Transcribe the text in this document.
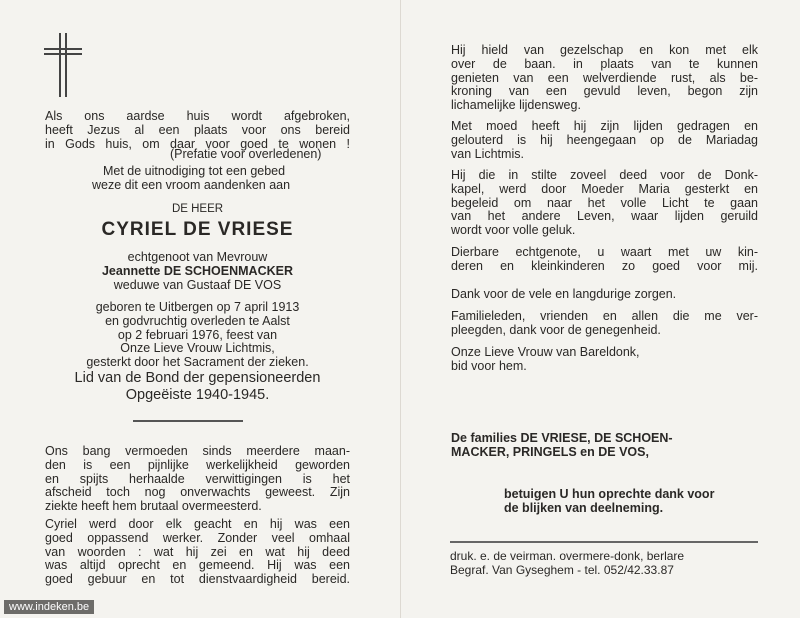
Als ons aardse huis wordt afgebroken,
heeft Jezus al een plaats voor ons bereid
in Gods huis, om daar voor goed te wonen !
(Prefatie voor overledenen)
Met de uitnodiging tot een gebed
weze dit een vroom aandenken aan
DE HEER
CYRIEL DE VRIESE
echtgenoot van Mevrouw
Jeannette DE SCHOENMACKER
weduwe van Gustaaf DE VOS
geboren te Uitbergen op 7 april 1913
en godvruchtig overleden te Aalst
op 2 februari 1976, feest van
Onze Lieve Vrouw Lichtmis,
gesterkt door het Sacrament der zieken.
Lid van de Bond der gepensioneerden
Opgeëiste 1940-1945.
Ons bang vermoeden sinds meerdere maan-
den is een pijnlijke werkelijkheid geworden
en spijts herhaalde verwittigingen is het
afscheid toch nog onverwachts geweest. Zijn
ziekte heeft hem brutaal overmeesterd.
Cyriel werd door elk geacht en hij was een
goed oppassend werker. Zonder veel omhaal
van woorden : wat hij zei en wat hij deed
was altijd oprecht en gemeend. Hij was een
goed gebuur en tot dienstvaardigheid bereid.
Hij hield van gezelschap en kon met elk
over de baan. in plaats van te kunnen
genieten van een welverdiende rust, als be-
kroning van een gevuld leven, begon zijn
lichamelijke lijdensweg.
Met moed heeft hij zijn lijden gedragen en
gelouterd is hij heengegaan op de Mariadag
van Lichtmis.
Hij die in stilte zoveel deed voor de Donk-
kapel, werd door Moeder Maria gesterkt en
begeleid om naar het volle Licht te gaan
van het andere Leven, waar lijden geruild
wordt voor volle geluk.
Dierbare echtgenote, u waart met uw kin-
deren en kleinkinderen zo goed voor mij.
Dank voor de vele en langdurige zorgen.
Familieleden, vrienden en allen die me ver-
pleegden, dank voor de genegenheid.
Onze Lieve Vrouw van Bareldonk,
bid voor hem.
De families DE VRIESE, DE SCHOEN-
MACKER, PRINGELS en DE VOS,
betuigen U hun oprechte dank voor
de blijken van deelneming.
druk. e. de veirman. overmere-donk, berlare
Begraf. Van Gyseghem - tel. 052/42.33.87
www.indeken.be
